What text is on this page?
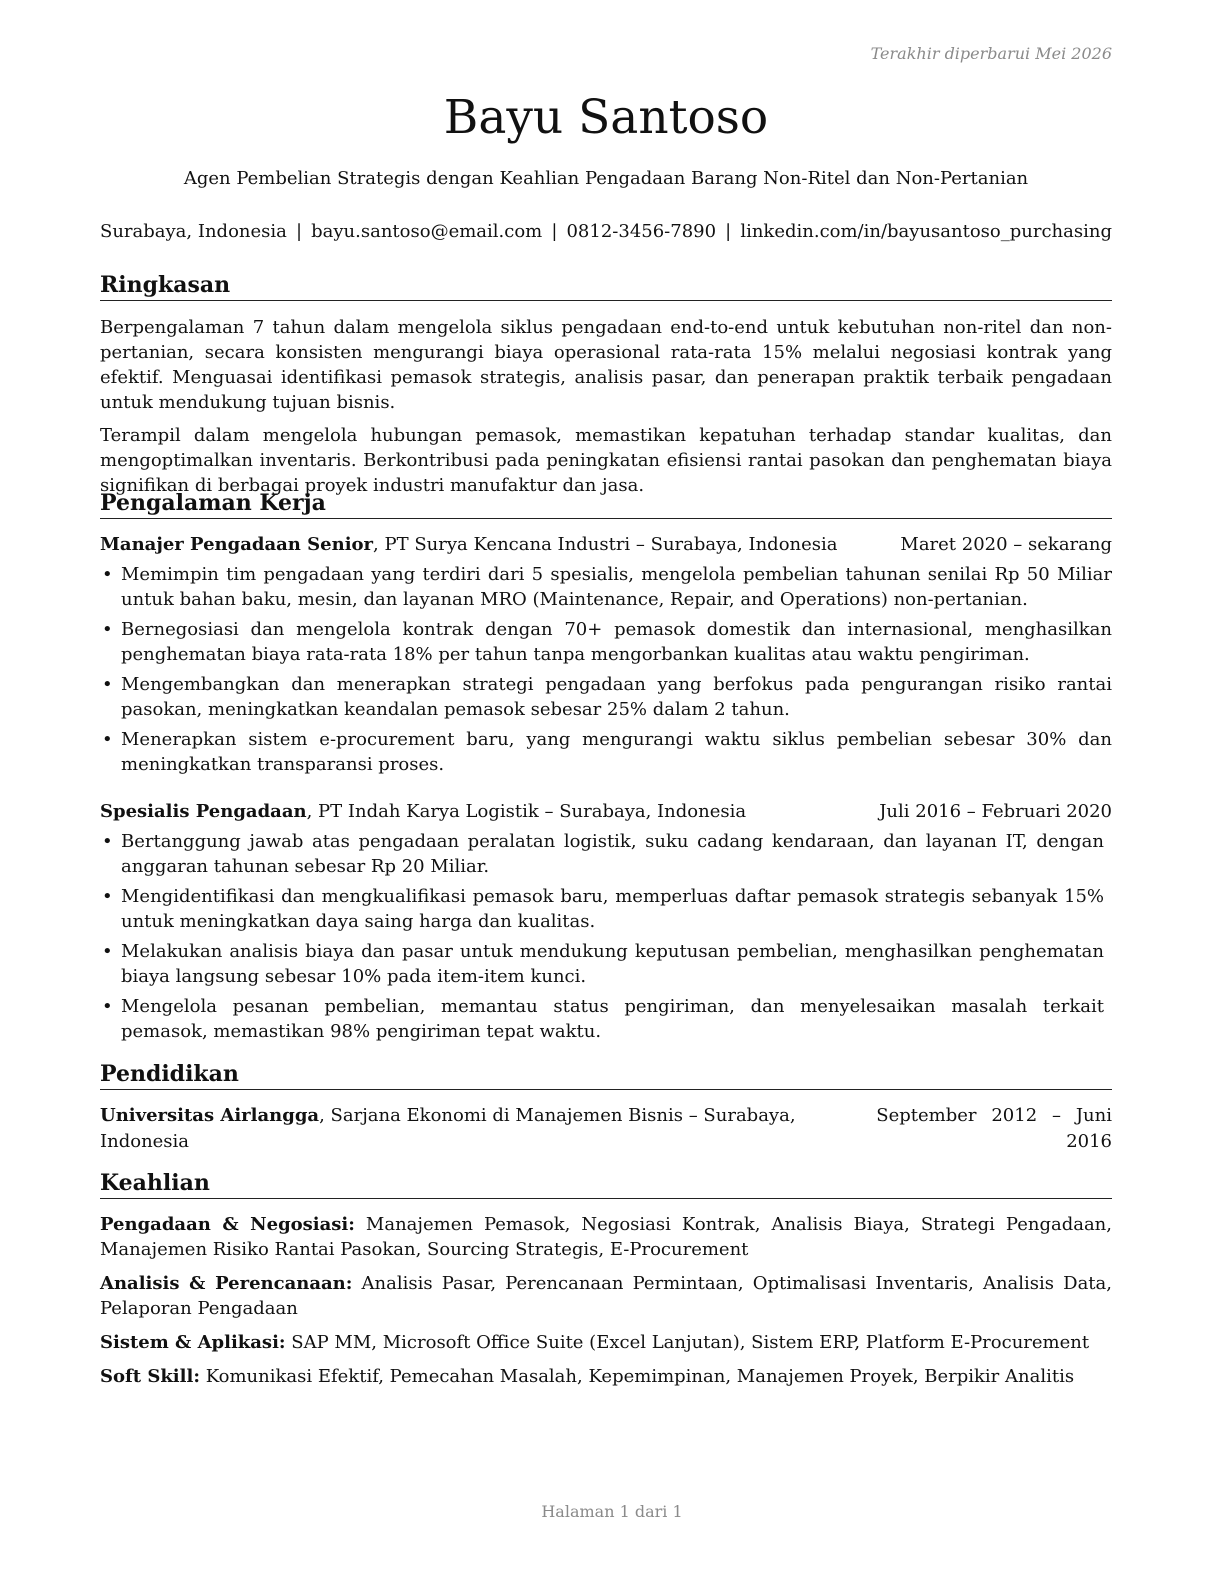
Terakhir diperbarui Mei 2026
Bayu Santoso
Agen Pembelian Strategis dengan Keahlian Pengadaan Barang Non-Ritel dan Non-Pertanian
Surabaya, Indonesia | bayu.santoso@email.com | 0812-3456-7890 | linkedin.com/in/bayusantoso_purchasing
Ringkasan

Berpengalaman 7 tahun dalam mengelola siklus pengadaan end-to-end untuk kebutuhan non-ritel dan non-pertanian, secara konsisten mengurangi biaya operasional rata-rata 15% melalui negosiasi kontrak yang efektif. Menguasai identifikasi pemasok strategis, analisis pasar, dan penerapan praktik terbaik pengadaan untuk mendukung tujuan bisnis.

Terampil dalam mengelola hubungan pemasok, memastikan kepatuhan terhadap standar kualitas, dan mengoptimalkan inventaris. Berkontribusi pada peningkatan efisiensi rantai pasokan dan penghematan biaya signifikan di berbagai proyek industri manufaktur dan jasa.

Pengalaman Kerja
Manajer Pengadaan Senior, PT Surya Kencana Industri – Surabaya, Indonesia	Maret 2020 – sekarang
• Memimpin tim pengadaan yang terdiri dari 5 spesialis, mengelola pembelian tahunan senilai Rp 50 Miliar untuk bahan baku, mesin, dan layanan MRO (Maintenance, Repair, and Operations) non-pertanian.
• Bernegosiasi dan mengelola kontrak dengan 70+ pemasok domestik dan internasional, menghasilkan penghematan biaya rata-rata 18% per tahun tanpa mengorbankan kualitas atau waktu pengiriman.
• Mengembangkan dan menerapkan strategi pengadaan yang berfokus pada pengurangan risiko rantai pasokan, meningkatkan keandalan pemasok sebesar 25% dalam 2 tahun.
• Menerapkan sistem e-procurement baru, yang mengurangi waktu siklus pembelian sebesar 30% dan meningkatkan transparansi proses.
Spesialis Pengadaan, PT Indah Karya Logistik – Surabaya, Indonesia	Juli 2016 – Februari 2020
• Bertanggung jawab atas pengadaan peralatan logistik, suku cadang kendaraan, dan layanan IT, dengan anggaran tahunan sebesar Rp 20 Miliar.
• Mengidentifikasi dan mengkualifikasi pemasok baru, memperluas daftar pemasok strategis sebanyak 15% untuk meningkatkan daya saing harga dan kualitas.
• Melakukan analisis biaya dan pasar untuk mendukung keputusan pembelian, menghasilkan penghematan biaya langsung sebesar 10% pada item-item kunci.
• Mengelola pesanan pembelian, memantau status pengiriman, dan menyelesaikan masalah terkait pemasok, memastikan 98% pengiriman tepat waktu.
Pendidikan
Universitas Airlangga, Sarjana Ekonomi di Manajemen Bisnis – Surabaya, Indonesia
September 2012 – Juni 2016
Keahlian

Pengadaan & Negosiasi: Manajemen Pemasok, Negosiasi Kontrak, Analisis Biaya, Strategi Pengadaan, Manajemen Risiko Rantai Pasokan, Sourcing Strategis, E-Procurement

Analisis & Perencanaan: Analisis Pasar, Perencanaan Permintaan, Optimalisasi Inventaris, Analisis Data, Pelaporan Pengadaan

Sistem & Aplikasi: SAP MM, Microsoft Office Suite (Excel Lanjutan), Sistem ERP, Platform E-Procurement

Soft Skill: Komunikasi Efektif, Pemecahan Masalah, Kepemimpinan, Manajemen Proyek, Berpikir Analitis

Halaman 1 dari 1
